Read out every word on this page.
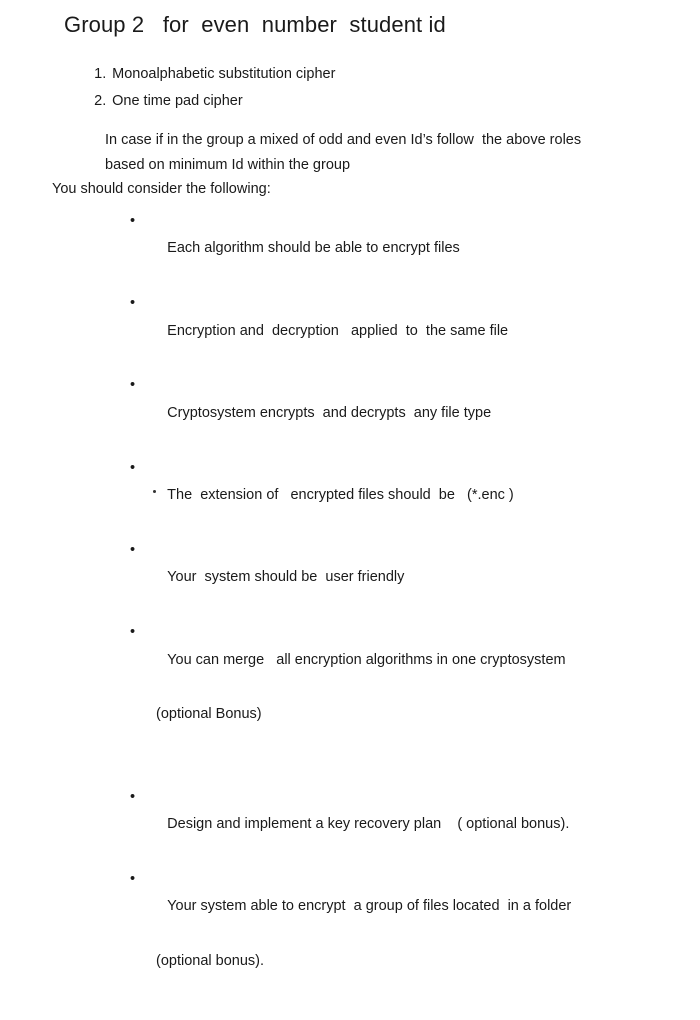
Group 2   for  even  number  student id

1. Monoalphabetic substitution cipher

2. One time pad cipher

In case if in the group a mixed of odd and even Id’s follow  the above roles
based on minimum Id within the group
You should consider the following:

•
Each algorithm should be able to encrypt files

•
Encryption and  decryption   applied  to  the same file

•
Cryptosystem encrypts  and decrypts  any file type

•
The  extension of   encrypted files should  be   (*.enc )

•
Your  system should be  user friendly

•
You can merge   all encryption algorithms in one cryptosystem

(optional Bonus)

•
Design and implement a key recovery plan    ( optional bonus).

•
Your system able to encrypt  a group of files located  in a folder

(optional bonus).
